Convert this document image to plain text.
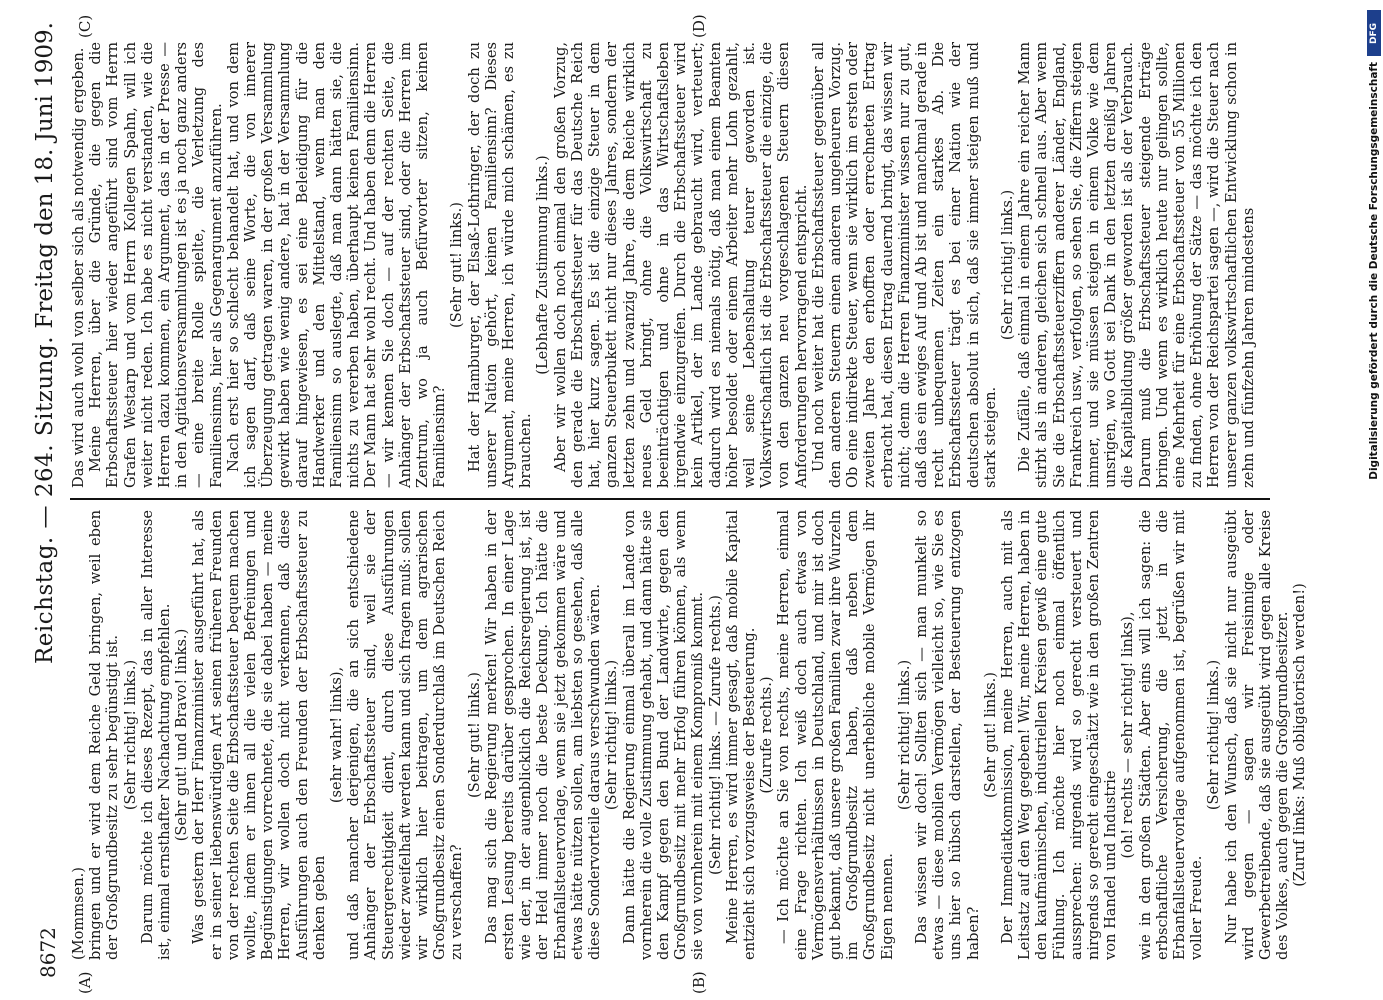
8672
Reichstag. — 264. Sitzung.
Freitag den 18. Juni 1909.
(A)	(B)
(C)	(D)

(Mommsen.) bringen und er wird dem Reiche Geld bringen, weil eben der Großgrundbesitz zu sehr begünstigt ist. (Sehr richtig! links.) Darum möchte ich dieses Rezept, das in aller Interesse ist, einmal ernsthafter Nachachtung empfehlen. (Sehr gut! und Bravo! links.) Was gestern der Herr Finanzminister ausgeführt hat, als er in seiner liebenswürdigen Art seinen früheren Freunden von der rechten Seite die Erbschaftssteuer bequem machen wollte, indem er ihnen all die vielen Befreiungen und Begünstigungen vorrechnete, die sie dabei haben — meine Herren, wir wollen doch nicht verkennen, daß diese Ausführungen auch den Freunden der Erbschaftssteuer zu denken geben

(sehr wahr! links), und daß mancher derjenigen, die an sich entschiedene Anhänger der Erbschaftssteuer sind, weil sie der Steuergerechtigkeit dient, durch diese Ausführungen wieder zweifelhaft werden kann und sich fragen muß: sollen wir wirklich hier beitragen, um dem agrarischen Großgrundbesitz einen Sonderdurchlaß im Deutschen Reich zu verschaffen?

(Sehr gut! links.) Das mag sich die Regierung merken! Wir haben in der ersten Lesung bereits darüber gesprochen. In einer Lage wie der, in der augenblicklich die Reichsregierung ist, ist der Held immer noch die beste Deckung. Ich hätte die Erbanfallsteuervorlage, wenn sie jetzt gekommen wäre und etwas hätte nützen sollen, am liebsten so gesehen, daß alle diese Sondervorteile daraus verschwunden wären. (Sehr richtig! links.) Dann hätte die Regierung einmal überall im Lande von vornherein die volle Zustimmung gehabt, und dann hätte sie den Kampf gegen den Bund der Landwirte, gegen den Großgrundbesitz mit mehr Erfolg führen können, als wenn sie von vornherein mit einem Kompromiß kommt. (Sehr richtig! links. — Zurufe rechts.) Meine Herren, es wird immer gesagt, daß mobile Kapital entzieht sich vorzugsweise der Besteuerung. (Zurufe rechts.) — Ich möchte an Sie von rechts, meine Herren, einmal eine Frage richten. Ich weiß doch auch etwas von Vermögensverhältnissen in Deutschland, und mir ist doch gut bekannt, daß unsere großen Familien zwar ihre Wurzeln im Großgrundbesitz haben, daß neben dem Großgrundbesitz nicht unerhebliche mobile Vermögen ihr Eigen nennen.

(Sehr richtig! links.) Das wissen wir doch! Sollten sich — man munkelt so etwas — diese mobilen Vermögen vielleicht so, wie Sie es uns hier so hübsch darstellen, der Besteuerung entzogen haben?

(Sehr gut! links.) Der Immediatkommission, meine Herren, auch mit als Leitsatz auf den Weg gegeben! Wir, meine Herren, haben in den kaufmännischen, industriellen Kreisen gewiß eine gute Fühlung. Ich möchte hier noch einmal öffentlich aussprechen: nirgends wird so gerecht versteuert und nirgends so gerecht eingeschätzt wie in den großen Zentren von Handel und Industrie

(oh! rechts — sehr richtig! links), wie in den großen Städten. Aber eins will ich sagen: die erbschaftliche Versicherung, die jetzt in die Erbanfallsteuervorlage aufgenommen ist, begrüßen wir mit voller Freude.

(Sehr richtig! links.) Nur habe ich den Wunsch, daß sie nicht nur ausgeübt wird gegen — sagen wir Freisinnige oder Gewerbetreibende, daß sie ausgeübt wird gegen alle Kreise des Volkes, auch gegen die Großgrundbesitzer. (Zuruf links: Muß obligatorisch werden!)

Das wird auch wohl von selber sich als notwendig ergeben. Meine Herren, über die Gründe, die gegen die Erbschaftssteuer hier wieder angeführt sind vom Herrn Grafen Westarp und vom Herrn Kollegen Spahn, will ich weiter nicht reden. Ich habe es nicht verstanden, wie die Herren dazu kommen, ein Argument, das in der Presse — in den Agitationsversammlungen ist es ja noch ganz anders — eine breite Rolle spielte, die Verletzung des Familiensinns, hier als Gegenargument anzuführen. Nach erst hier so schlecht behandelt hat, und von dem ich sagen darf, daß seine Worte, die von innerer Überzeugung getragen waren, in der großen Versammlung gewirkt haben wie wenig andere, hat in der Versammlung darauf hingewiesen, es sei eine Beleidigung für die Handwerker und den Mittelstand, wenn man den Familiensinn so auslegte, daß man dann hätten sie, die nichts zu vererben haben, überhaupt keinen Familiensinn. Der Mann hat sehr wohl recht. Und haben denn die Herren — wir kennen Sie doch — auf der rechten Seite, die Anhänger der Erbschaftssteuer sind, oder die Herren im Zentrum, wo ja auch Befürworter sitzen, keinen Familiensinn?

(Sehr gut! links.) Hat der Hamburger, der Elsaß-Lothringer, der doch zu unserer Nation gehört, keinen Familiensinn? Dieses Argument, meine Herren, ich würde mich schämen, es zu brauchen.

(Lebhafte Zustimmung links.) Aber wir wollen doch noch einmal den großen Vorzug, den gerade die Erbschaftssteuer für das Deutsche Reich hat, hier kurz sagen. Es ist die einzige Steuer in dem ganzen Steuerbukett nicht nur dieses Jahres, sondern der letzten zehn und zwanzig Jahre, die dem Reiche wirklich neues Geld bringt, ohne die Volkswirtschaft zu beeinträchtigen und ohne in das Wirtschaftsleben irgendwie einzugreifen. Durch die Erbschaftssteuer wird kein Artikel, der im Lande gebraucht wird, verteuert; dadurch wird es niemals nötig, daß man einem Beamten höher besoldet oder einem Arbeiter mehr Lohn gezahlt, weil seine Lebenshaltung teurer geworden ist. Volkswirtschaftlich ist die Erbschaftssteuer die einzige, die von den ganzen neu vorgeschlagenen Steuern diesen Anforderungen hervorragend entspricht. Und noch weiter hat die Erbschaftssteuer gegenüber all den anderen Steuern einen anderen ungeheuren Vorzug. Ob eine indirekte Steuer, wenn sie wirklich im ersten oder zweiten Jahre den erhofften oder errechneten Ertrag erbracht hat, diesen Ertrag dauernd bringt, das wissen wir nicht; denn die Herren Finanzminister wissen nur zu gut, daß das ein ewiges Auf und Ab ist und manchmal gerade in recht unbequemen Zeiten ein starkes Ab. Die Erbschaftssteuer trägt es bei einer Nation wie der deutschen absolut in sich, daß sie immer steigen muß und stark steigen.

(Sehr richtig! links.) Die Zufälle, daß einmal in einem Jahre ein reicher Mann stirbt als in anderen, gleichen sich schnell aus. Aber wenn Sie die Erbschaftssteuerziffern anderer Länder, England, Frankreich usw., verfolgen, so sehen Sie, die Ziffern steigen immer, und sie müssen steigen in einem Volke wie dem unsrigen, wo Gott sei Dank in den letzten dreißig Jahren die Kapitalbildung größer geworden ist als der Verbrauch. Darum muß die Erbschaftssteuer steigende Erträge bringen. Und wenn es wirklich heute nur gelingen sollte, eine Mehrheit für eine Erbschaftssteuer von 55 Millionen zu finden, ohne Erhöhung der Sätze — das möchte ich den Herren von der Reichspartei sagen —, wird die Steuer nach unserer ganzen volkswirtschaftlichen Entwicklung schon in zehn und fünfzehn Jahren mindestens

DFG
Digitalisierung gefördert durch die Deutsche Forschungsgemeinschaft
